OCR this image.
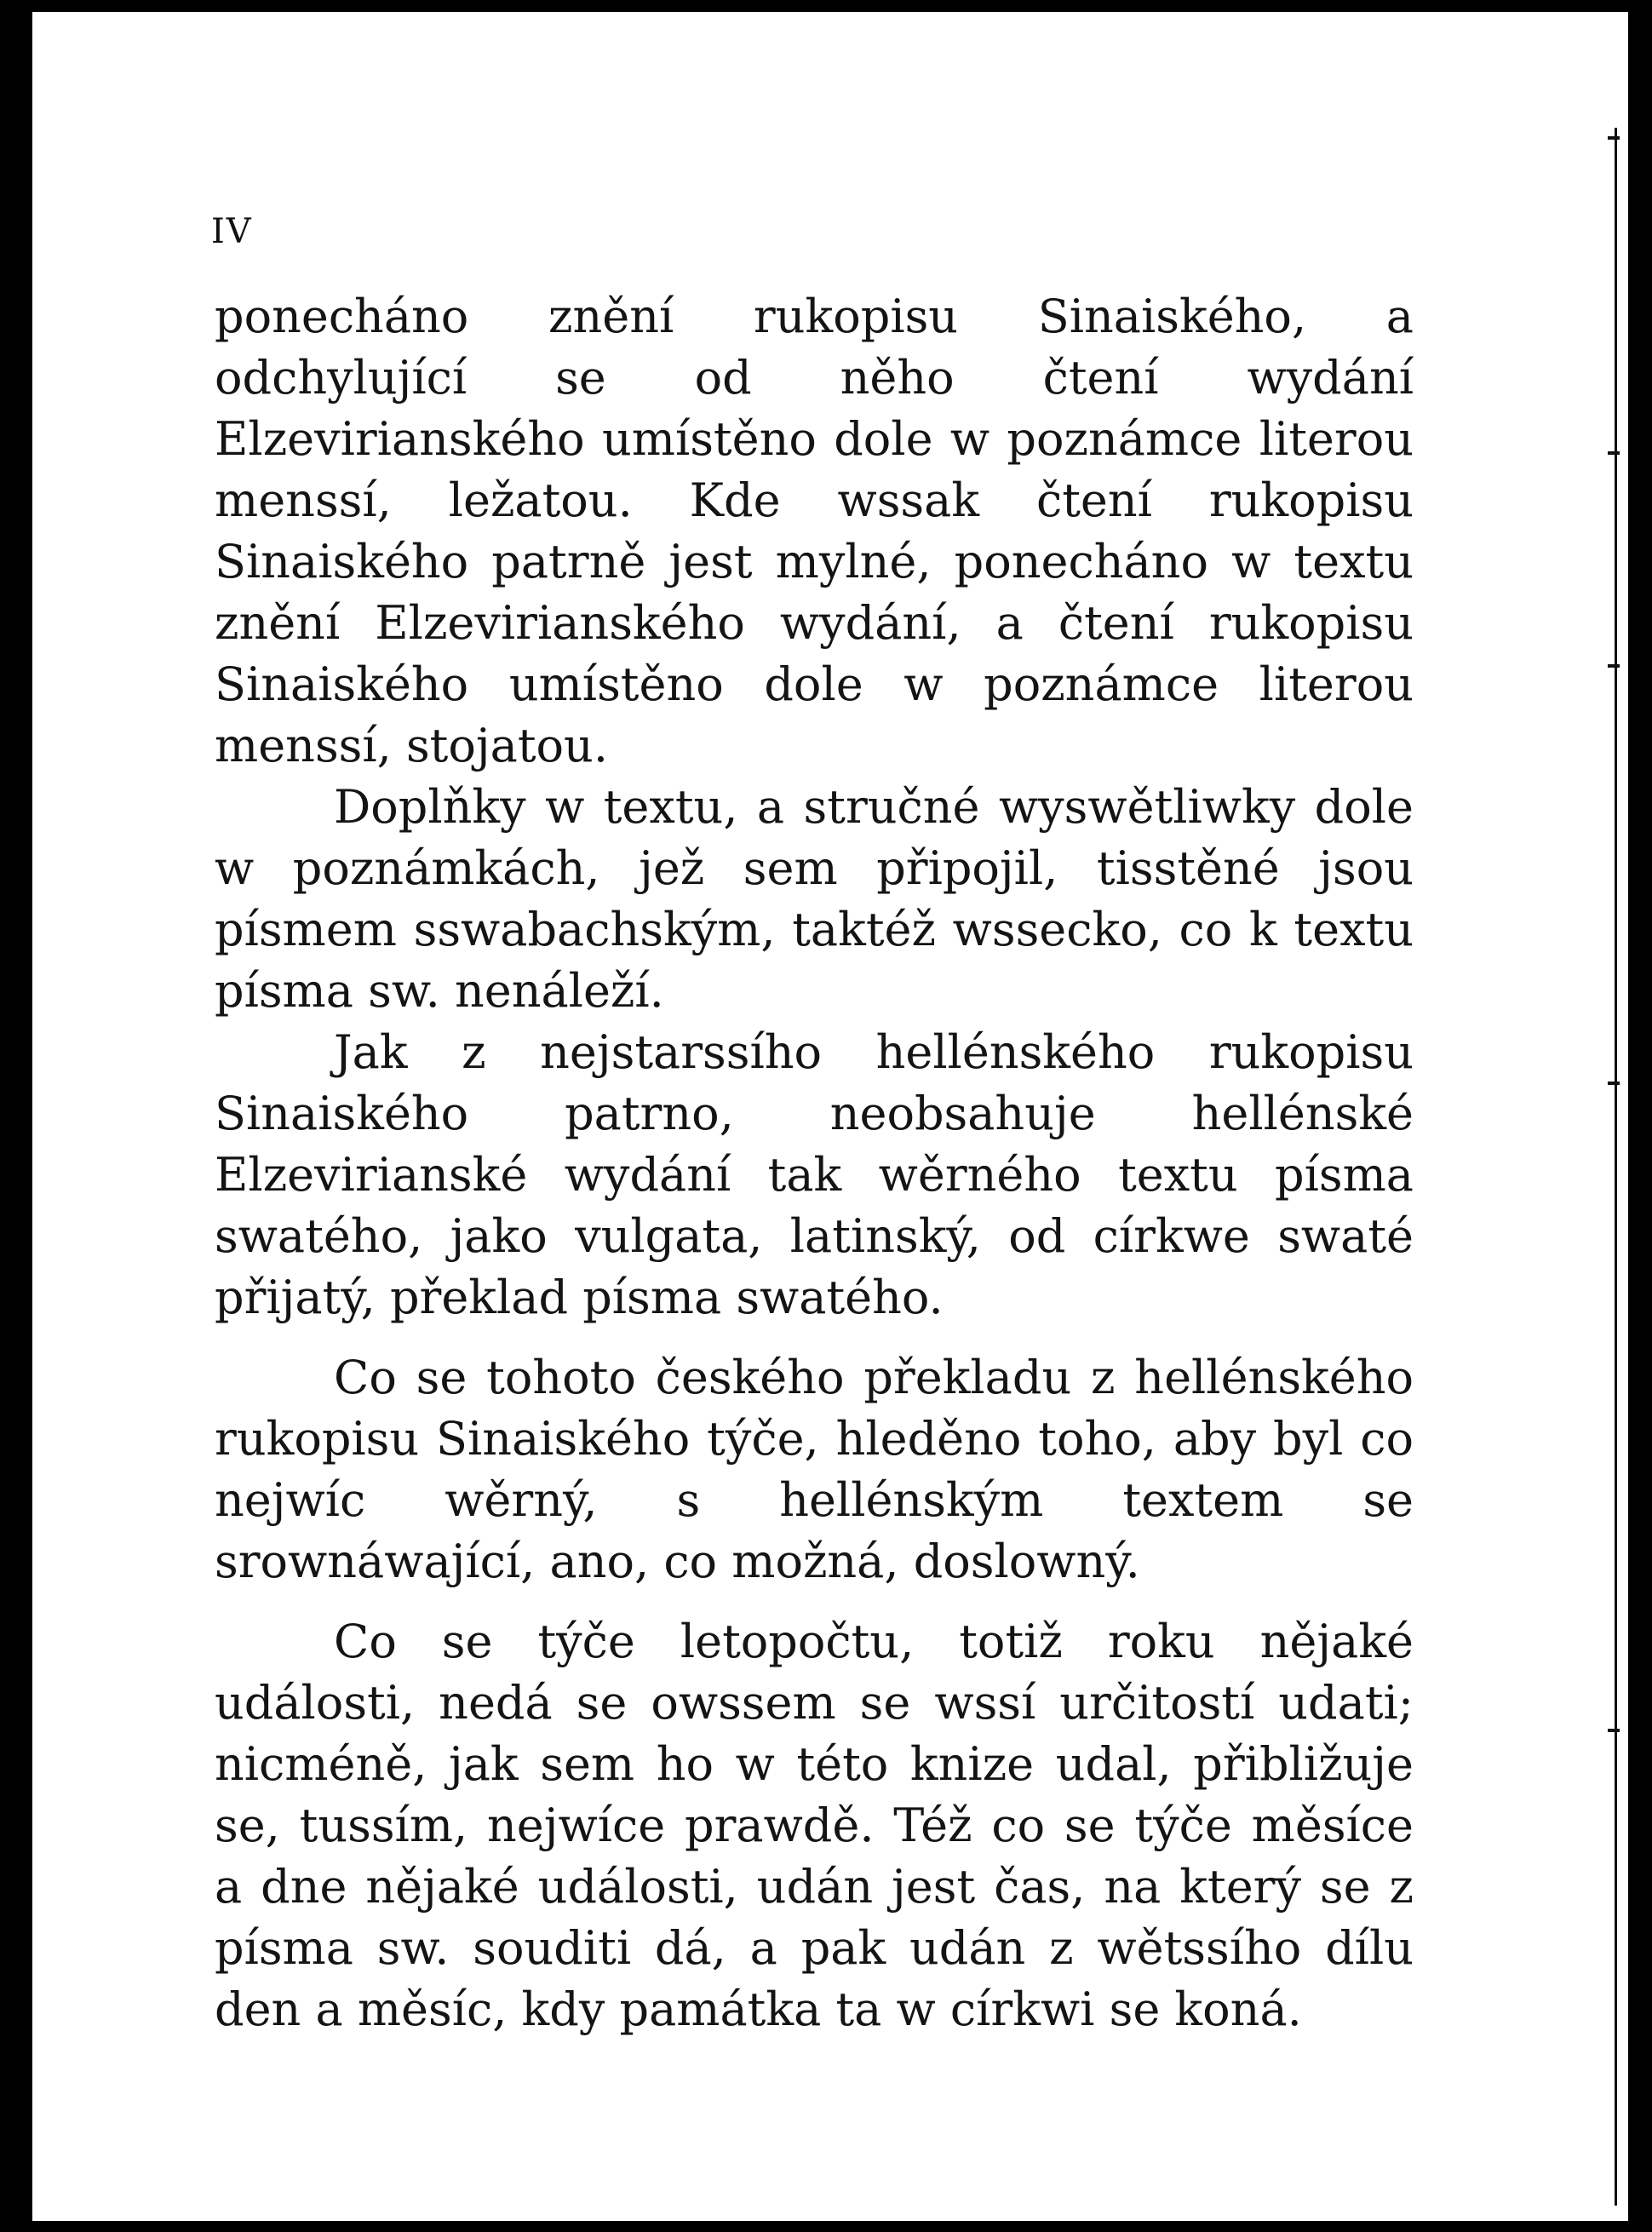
IV

ponecháno znění rukopisu Sinaiského, a odchylující se od něho čtení wydání Elzevirianského umístěno dole w poznámce literou menssí, ležatou. Kde wssak čtení rukopisu Sinaiského patrně jest mylné, ponecháno w textu znění Elzevirianského wydání, a čtení rukopisu Sinaiského umístěno dole w poznámce literou menssí, stojatou.

Doplňky w textu, a stručné wyswětliwky dole w poznámkách, jež sem připojil, tisstěné jsou písmem sswabachským, taktéž wsseckо, co k textu písma sw. nenáleží.

Jak z nejstarssího hellénského rukopisu Sinaiského patrno, neobsahuje hellénské Elzevirianské wydání tak wěrného textu písma swatého, jako vulgata, latinský, od církwe swaté přijatý, překlad písma swatého.

Co se tohoto českého překladu z hellénského rukopisu Sinaiského týče, hleděno toho, aby byl co nejwíc wěrný, s hellénským textem se srownáwající, ano, co možná, doslowný.

Co se týče letopočtu, totiž roku nějaké události, nedá se owssem se wssí určitostí udati; nicméně, jak sem ho w této knize udal, přibližuje se, tussím, nejwíce prawdě. Též co se týče měsíce a dne nějaké události, udán jest čas, na který se z písma sw. souditi dá, a pak udán z wětssího dílu den a měsíc, kdy památka ta w církwi se koná.
